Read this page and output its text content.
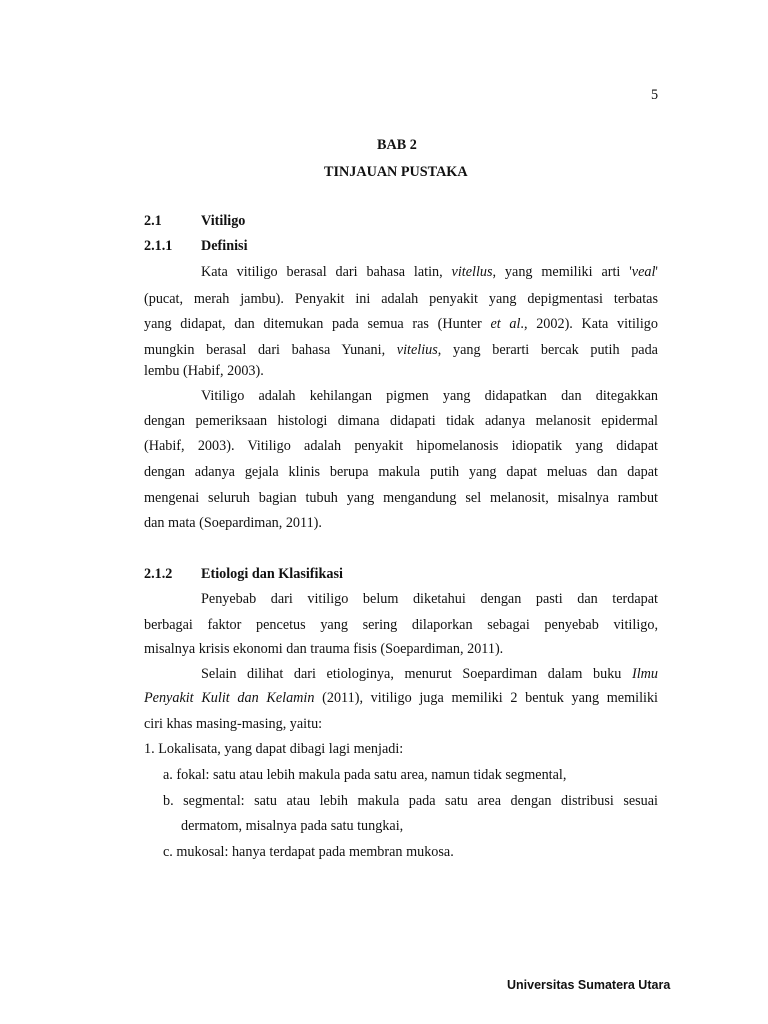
5
BAB 2
TINJAUAN PUSTAKA
2.1	Vitiligo
2.1.1 Definisi
Kata vitiligo berasal dari bahasa latin, vitellus, yang memiliki arti 'veal'
(pucat, merah jambu). Penyakit ini adalah penyakit yang depigmentasi terbatas
yang didapat, dan ditemukan pada semua ras (Hunter et al., 2002). Kata vitiligo
mungkin berasal dari bahasa Yunani, vitelius, yang berarti bercak putih pada
lembu (Habif, 2003).
Vitiligo adalah kehilangan pigmen yang didapatkan dan ditegakkan
dengan pemeriksaan histologi dimana didapati tidak adanya melanosit epidermal
(Habif, 2003). Vitiligo adalah penyakit hipomelanosis idiopatik yang didapat
dengan adanya gejala klinis berupa makula putih yang dapat meluas dan dapat
mengenai seluruh bagian tubuh yang mengandung sel melanosit, misalnya rambut
dan mata (Soepardiman, 2011).
2.1.2 Etiologi dan Klasifikasi
Penyebab dari vitiligo belum diketahui dengan pasti dan terdapat
berbagai faktor pencetus yang sering dilaporkan sebagai penyebab vitiligo,
misalnya krisis ekonomi dan trauma fisis (Soepardiman, 2011).
Selain dilihat dari etiologinya, menurut Soepardiman dalam buku Ilmu
Penyakit Kulit dan Kelamin (2011), vitiligo juga memiliki 2 bentuk yang memiliki
ciri khas masing-masing, yaitu:
1. Lokalisata, yang dapat dibagi lagi menjadi:
a. fokal: satu atau lebih makula pada satu area, namun tidak segmental,
b. segmental: satu atau lebih makula pada satu area dengan distribusi sesuai
dermatom, misalnya pada satu tungkai,
c. mukosal: hanya terdapat pada membran mukosa.
Universitas Sumatera Utara
